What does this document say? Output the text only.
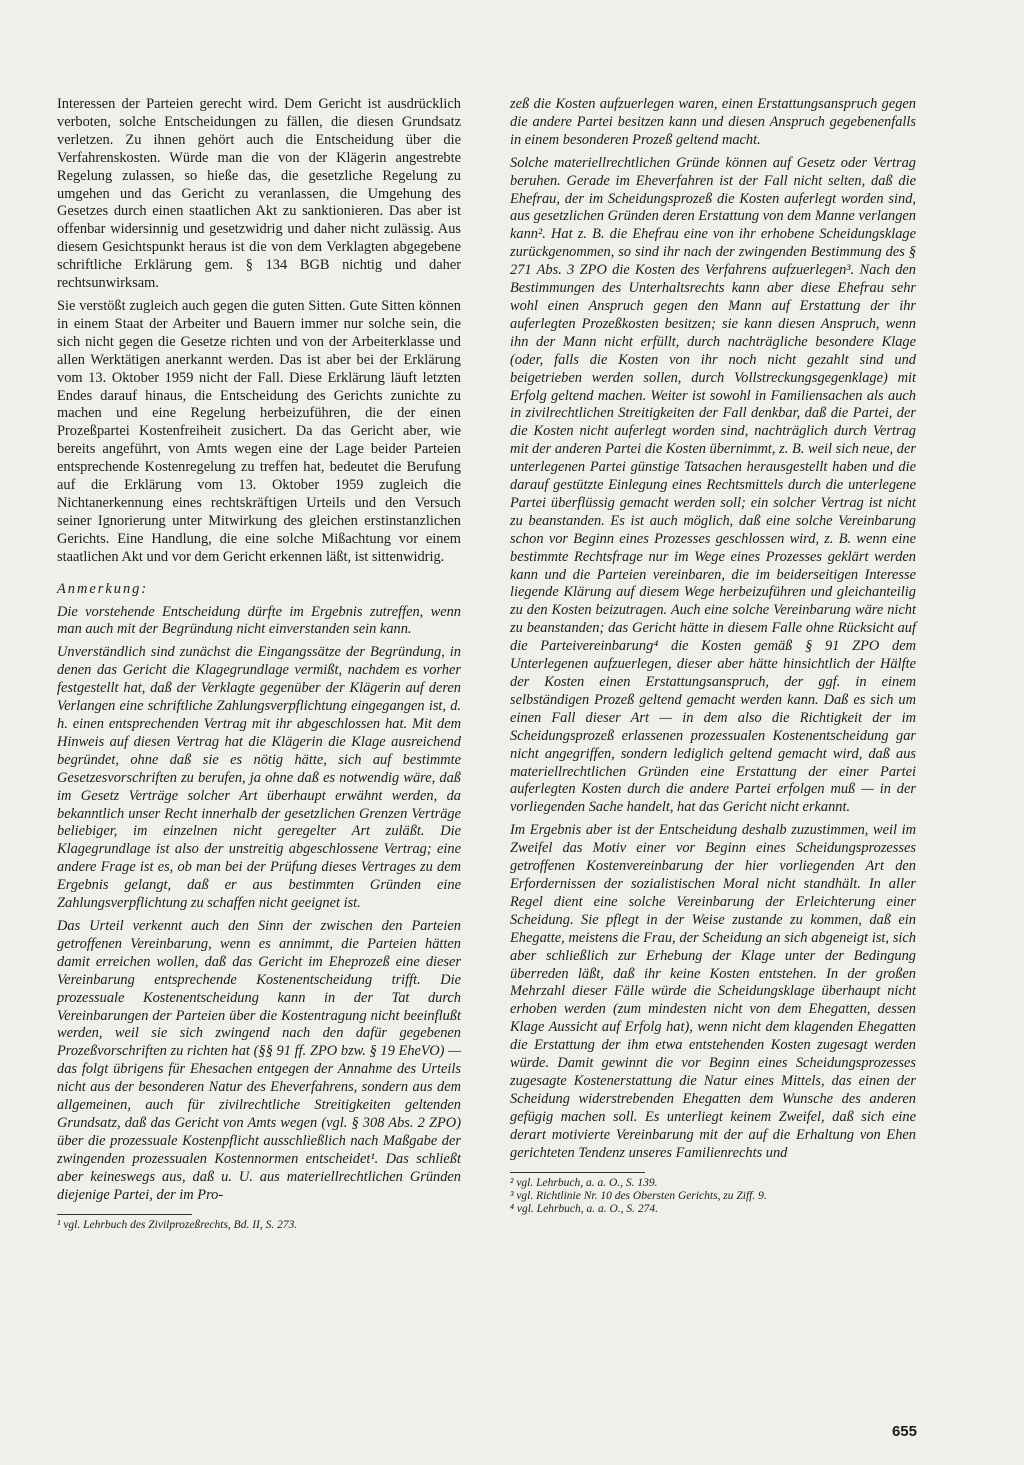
Interessen der Parteien gerecht wird. Dem Gericht ist ausdrücklich verboten, solche Entscheidungen zu fällen, die diesen Grundsatz verletzen. Zu ihnen gehört auch die Entscheidung über die Verfahrenskosten. Würde man die von der Klägerin angestrebte Regelung zulassen, so hieße das, die gesetzliche Regelung zu umgehen und das Gericht zu veranlassen, die Umgehung des Gesetzes durch einen staatlichen Akt zu sanktionieren. Das aber ist offenbar widersinnig und gesetzwidrig und daher nicht zulässig. Aus diesem Gesichtspunkt heraus ist die von dem Verklagten abgegebene schriftliche Erklärung gem. § 134 BGB nichtig und daher rechtsunwirksam.

Sie verstößt zugleich auch gegen die guten Sitten. Gute Sitten können in einem Staat der Arbeiter und Bauern immer nur solche sein, die sich nicht gegen die Gesetze richten und von der Arbeiterklasse und allen Werktätigen anerkannt werden. Das ist aber bei der Erklärung vom 13. Oktober 1959 nicht der Fall. Diese Erklärung läuft letzten Endes darauf hinaus, die Entscheidung des Gerichts zunichte zu machen und eine Regelung herbeizuführen, die der einen Prozeßpartei Kostenfreiheit zusichert. Da das Gericht aber, wie bereits angeführt, von Amts wegen eine der Lage beider Parteien entsprechende Kostenregelung zu treffen hat, bedeutet die Berufung auf die Erklärung vom 13. Oktober 1959 zugleich die Nichtanerkennung eines rechtskräftigen Urteils und den Versuch seiner Ignorierung unter Mitwirkung des gleichen erstinstanzlichen Gerichts. Eine Handlung, die eine solche Mißachtung vor einem staatlichen Akt und vor dem Gericht erkennen läßt, ist sittenwidrig.

Anmerkung:

Die vorstehende Entscheidung dürfte im Ergebnis zutreffen, wenn man auch mit der Begründung nicht einverstanden sein kann.

Unverständlich sind zunächst die Eingangssätze der Begründung, in denen das Gericht die Klagegrundlage vermißt, nachdem es vorher festgestellt hat, daß der Verklagte gegenüber der Klägerin auf deren Verlangen eine schriftliche Zahlungsverpflichtung eingegangen ist, d. h. einen entsprechenden Vertrag mit ihr abgeschlossen hat. Mit dem Hinweis auf diesen Vertrag hat die Klägerin die Klage ausreichend begründet, ohne daß sie es nötig hätte, sich auf bestimmte Gesetzesvorschriften zu berufen, ja ohne daß es notwendig wäre, daß im Gesetz Verträge solcher Art überhaupt erwähnt werden, da bekanntlich unser Recht innerhalb der gesetzlichen Grenzen Verträge beliebiger, im einzelnen nicht geregelter Art zuläßt. Die Klagegrundlage ist also der unstreitig abgeschlossene Vertrag; eine andere Frage ist es, ob man bei der Prüfung dieses Vertrages zu dem Ergebnis gelangt, daß er aus bestimmten Gründen eine Zahlungsverpflichtung zu schaffen nicht geeignet ist.

Das Urteil verkennt auch den Sinn der zwischen den Parteien getroffenen Vereinbarung, wenn es annimmt, die Parteien hätten damit erreichen wollen, daß das Gericht im Eheprozeß eine dieser Vereinbarung entsprechende Kostenentscheidung trifft. Die prozessuale Kostenentscheidung kann in der Tat durch Vereinbarungen der Parteien über die Kostentragung nicht beeinflußt werden, weil sie sich zwingend nach den dafür gegebenen Prozeßvorschriften zu richten hat (§§ 91 ff. ZPO bzw. § 19 EheVO) — das folgt übrigens für Ehesachen entgegen der Annahme des Urteils nicht aus der besonderen Natur des Eheverfahrens, sondern aus dem allgemeinen, auch für zivilrechtliche Streitigkeiten geltenden Grundsatz, daß das Gericht von Amts wegen (vgl. § 308 Abs. 2 ZPO) über die prozessuale Kostenpflicht ausschließlich nach Maßgabe der zwingenden prozessualen Kostennormen entscheidet¹. Das schließt aber keineswegs aus, daß u. U. aus materiellrechtlichen Gründen diejenige Partei, der im Pro-

¹ vgl. Lehrbuch des Zivilprozeßrechts, Bd. II, S. 273.

zeß die Kosten aufzuerlegen waren, einen Erstattungsanspruch gegen die andere Partei besitzen kann und diesen Anspruch gegebenenfalls in einem besonderen Prozeß geltend macht.

Solche materiellrechtlichen Gründe können auf Gesetz oder Vertrag beruhen. Gerade im Eheverfahren ist der Fall nicht selten, daß die Ehefrau, der im Scheidungsprozeß die Kosten auferlegt worden sind, aus gesetzlichen Gründen deren Erstattung von dem Manne verlangen kann². Hat z. B. die Ehefrau eine von ihr erhobene Scheidungsklage zurückgenommen, so sind ihr nach der zwingenden Bestimmung des § 271 Abs. 3 ZPO die Kosten des Verfahrens aufzuerlegen³. Nach den Bestimmungen des Unterhaltsrechts kann aber diese Ehefrau sehr wohl einen Anspruch gegen den Mann auf Erstattung der ihr auferlegten Prozeßkosten besitzen; sie kann diesen Anspruch, wenn ihn der Mann nicht erfüllt, durch nachträgliche besondere Klage (oder, falls die Kosten von ihr noch nicht gezahlt sind und beigetrieben werden sollen, durch Vollstreckungsgegenklage) mit Erfolg geltend machen. Weiter ist sowohl in Familiensachen als auch in zivilrechtlichen Streitigkeiten der Fall denkbar, daß die Partei, der die Kosten nicht auferlegt worden sind, nachträglich durch Vertrag mit der anderen Partei die Kosten übernimmt, z. B. weil sich neue, der unterlegenen Partei günstige Tatsachen herausgestellt haben und die darauf gestützte Einlegung eines Rechtsmittels durch die unterlegene Partei überflüssig gemacht werden soll; ein solcher Vertrag ist nicht zu beanstanden. Es ist auch möglich, daß eine solche Vereinbarung schon vor Beginn eines Prozesses geschlossen wird, z. B. wenn eine bestimmte Rechtsfrage nur im Wege eines Prozesses geklärt werden kann und die Parteien vereinbaren, die im beiderseitigen Interesse liegende Klärung auf diesem Wege herbeizuführen und gleichanteilig zu den Kosten beizutragen. Auch eine solche Vereinbarung wäre nicht zu beanstanden; das Gericht hätte in diesem Falle ohne Rücksicht auf die Parteivereinbarung⁴ die Kosten gemäß § 91 ZPO dem Unterlegenen aufzuerlegen, dieser aber hätte hinsichtlich der Hälfte der Kosten einen Erstattungsanspruch, der ggf. in einem selbständigen Prozeß geltend gemacht werden kann. Daß es sich um einen Fall dieser Art — in dem also die Richtigkeit der im Scheidungsprozeß erlassenen prozessualen Kostenentscheidung gar nicht angegriffen, sondern lediglich geltend gemacht wird, daß aus materiellrechtlichen Gründen eine Erstattung der einer Partei auferlegten Kosten durch die andere Partei erfolgen muß — in der vorliegenden Sache handelt, hat das Gericht nicht erkannt.

Im Ergebnis aber ist der Entscheidung deshalb zuzustimmen, weil im Zweifel das Motiv einer vor Beginn eines Scheidungsprozesses getroffenen Kostenvereinbarung der hier vorliegenden Art den Erfordernissen der sozialistischen Moral nicht standhält. In aller Regel dient eine solche Vereinbarung der Erleichterung einer Scheidung. Sie pflegt in der Weise zustande zu kommen, daß ein Ehegatte, meistens die Frau, der Scheidung an sich abgeneigt ist, sich aber schließlich zur Erhebung der Klage unter der Bedingung überreden läßt, daß ihr keine Kosten entstehen. In der großen Mehrzahl dieser Fälle würde die Scheidungsklage überhaupt nicht erhoben werden (zum mindesten nicht von dem Ehegatten, dessen Klage Aussicht auf Erfolg hat), wenn nicht dem klagenden Ehegatten die Erstattung der ihm etwa entstehenden Kosten zugesagt werden würde. Damit gewinnt die vor Beginn eines Scheidungsprozesses zugesagte Kostenerstattung die Natur eines Mittels, das einen der Scheidung widerstrebenden Ehegatten dem Wunsche des anderen gefügig machen soll. Es unterliegt keinem Zweifel, daß sich eine derart motivierte Vereinbarung mit der auf die Erhaltung von Ehen gerichteten Tendenz unseres Familienrechts und

² vgl. Lehrbuch, a. a. O., S. 139.

³ vgl. Richtlinie Nr. 10 des Obersten Gerichts, zu Ziff. 9.

⁴ vgl. Lehrbuch, a. a. O., S. 274.

655
